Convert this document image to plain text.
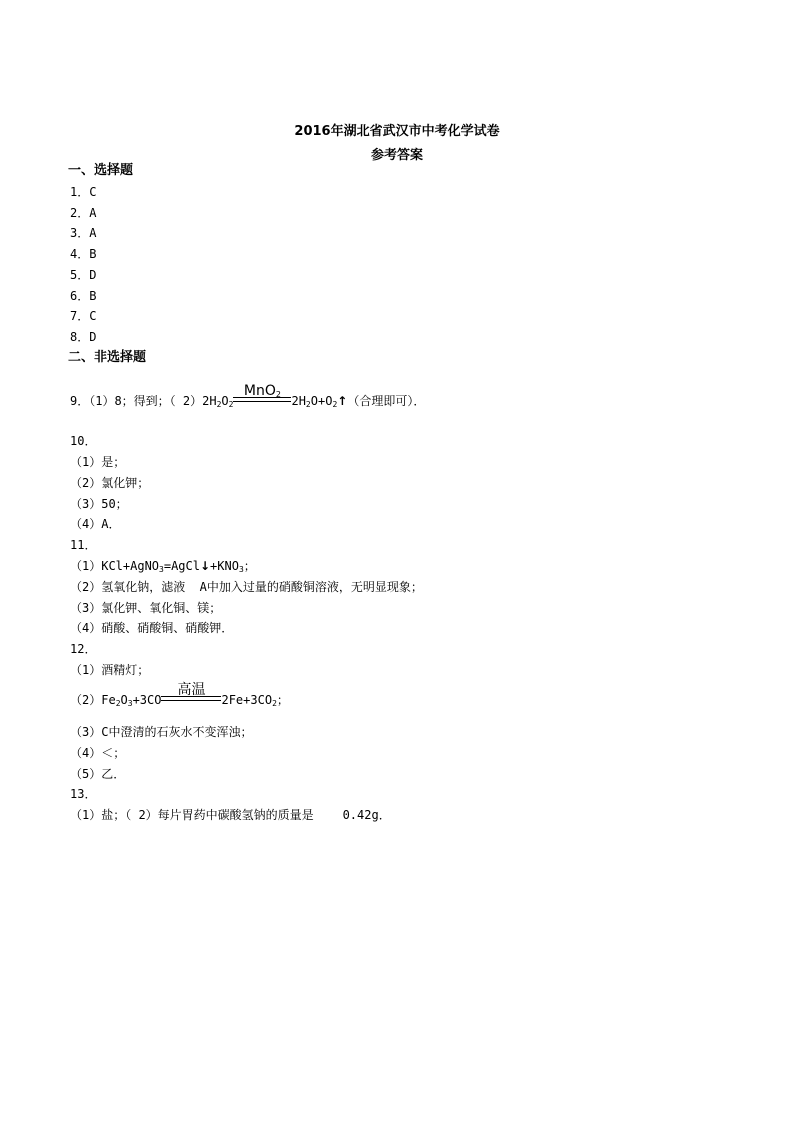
2016年湖北省武汉市中考化学试卷
参考答案
一、选择题
1．C
2．A
3．A
4．B
5．D
6．B
7．C
8．D
二、非选择题
9．（1）8；得到；（ $2)2H_2O_2$
MnO$_2$ $2H_2O+O_2↑$（合理即可）．
10．
（1）是；
（2）氯化钾；
（3）50；
（4）A．
11．
$(1)KCl+AgNO_3=AgCl↓+KNO_3$；
（2）氢氧化钠，滤液  A中加入过量的硝酸铜溶液，无明显现象；
（3）氯化钾、氧化铜、镁；
（4）硝酸、硝酸铜、硝酸钾．
12．
（1）酒精灯；
$(2)Fe_2O_3+3CO$
高温
$2Fe+3CO_2$；
（3）C中澄清的石灰水不变浑浊；
（4）＜；
（5）乙．
13．
（1）盐；（ 2）每片胃药中碳酸氢钠的质量是    0.42g．
